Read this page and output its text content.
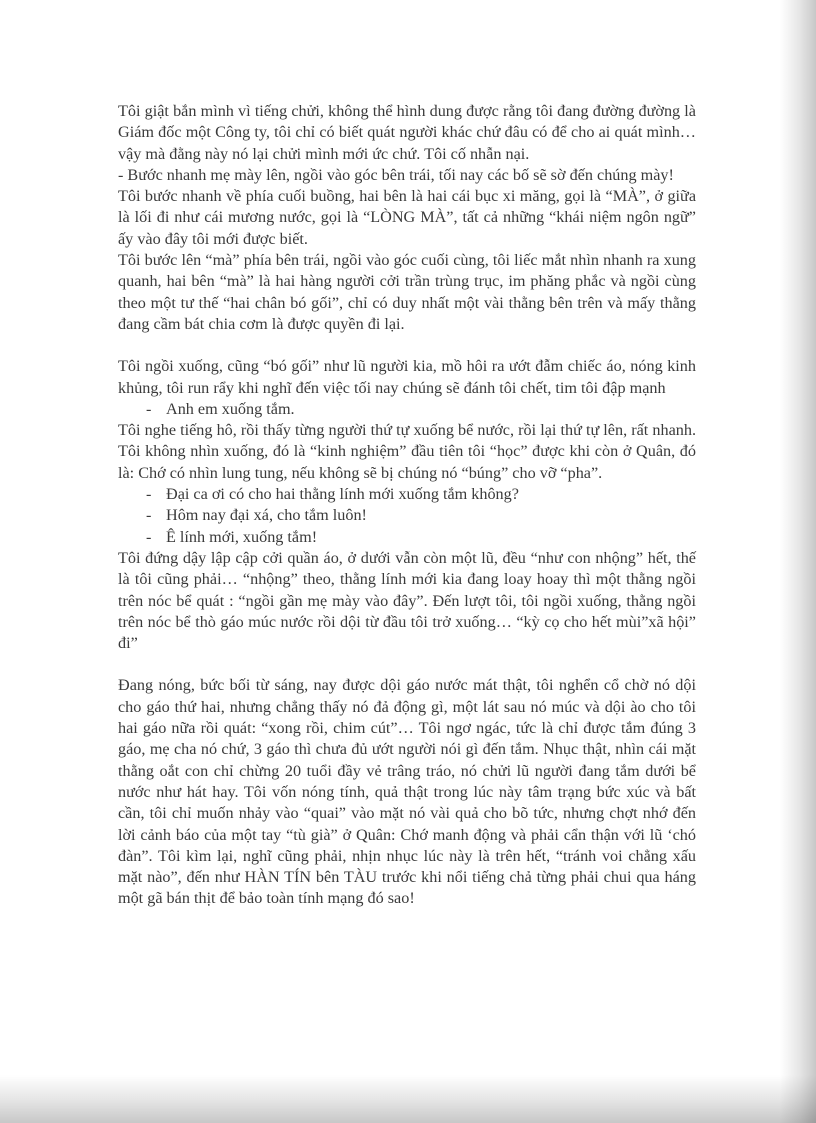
Tôi giật bắn mình vì tiếng chửi, không thể hình dung được rằng tôi đang đường đường là Giám đốc một Công ty, tôi chỉ có biết quát người khác chứ đâu có để cho ai quát mình… vậy mà đằng này nó lại chửi mình mới ức chứ. Tôi cố nhẫn nại.

- Bước nhanh mẹ mày lên, ngồi vào góc bên trái, tối nay các bố sẽ sờ đến chúng mày!

Tôi bước nhanh về phía cuối buồng, hai bên là hai cái bục xi măng, gọi là “MÀ”, ở giữa là lối đi như cái mương nước, gọi là “LÒNG MÀ”, tất cả những “khái niệm ngôn ngữ” ấy vào đây tôi mới được biết.

Tôi bước lên “mà” phía bên trái, ngồi vào góc cuối cùng, tôi liếc mắt nhìn nhanh ra xung quanh, hai bên “mà” là hai hàng người cởi trần trùng trục, im phăng phắc và ngồi cùng theo một tư thế “hai chân bó gối”, chỉ có duy nhất một vài thằng bên trên và mấy thằng đang cầm bát chia cơm là được quyền đi lại.

Tôi ngồi xuống, cũng “bó gối” như lũ người kia, mồ hôi ra ướt đẫm chiếc áo, nóng kinh khủng, tôi run rẩy khi nghĩ đến việc tối nay chúng sẽ đánh tôi chết, tim tôi đập mạnh

- Anh em xuống tắm.

Tôi nghe tiếng hô, rồi thấy từng người thứ tự xuống bể nước, rồi lại thứ tự lên, rất nhanh. Tôi không nhìn xuống, đó là “kinh nghiệm” đầu tiên tôi “học” được khi còn ở Quân, đó là: Chớ có nhìn lung tung, nếu không sẽ bị chúng nó “búng” cho vỡ “pha”.

- Đại ca ơi có cho hai thằng lính mới xuống tắm không?

- Hôm nay đại xá, cho tắm luôn!

- Ê lính mới, xuống tắm!

Tôi đứng dậy lập cập cởi quần áo, ở dưới vẫn còn một lũ, đều “như con nhộng” hết, thế là tôi cũng phải… “nhộng” theo, thằng lính mới kia đang loay hoay thì một thằng ngồi trên nóc bể quát : “ngồi gần mẹ mày vào đây”. Đến lượt tôi, tôi ngồi xuống, thằng ngồi trên nóc bể thò gáo múc nước rồi dội từ đầu tôi trở xuống… “kỳ cọ cho hết mùi”xã hội” đi”

Đang nóng, bức bối từ sáng, nay được dội gáo nước mát thật, tôi nghển cổ chờ nó dội cho gáo thứ hai, nhưng chẳng thấy nó đả động gì, một lát sau nó múc và dội ào cho tôi hai gáo nữa rồi quát: “xong rồi, chim cút”… Tôi ngơ ngác, tức là chỉ được tắm đúng 3 gáo, mẹ cha nó chứ, 3 gáo thì chưa đủ ướt người nói gì đến tắm. Nhục thật, nhìn cái mặt thằng oắt con chỉ chừng 20 tuổi đầy vẻ trâng tráo, nó chửi lũ người đang tắm dưới bể nước như hát hay. Tôi vốn nóng tính, quả thật trong lúc này tâm trạng bức xúc và bất cần, tôi chỉ muốn nhảy vào “quai” vào mặt nó vài quả cho bõ tức, nhưng chợt nhớ đến lời cảnh báo của một tay “tù già” ở Quân: Chớ manh động và phải cẩn thận với lũ ‘chó đàn”. Tôi kìm lại, nghĩ cũng phải, nhịn nhục lúc này là trên hết, “tránh voi chẳng xấu mặt nào”, đến như HÀN TÍN bên TÀU trước khi nổi tiếng chả từng phải chui qua háng một gã bán thịt để bảo toàn tính mạng đó sao!
